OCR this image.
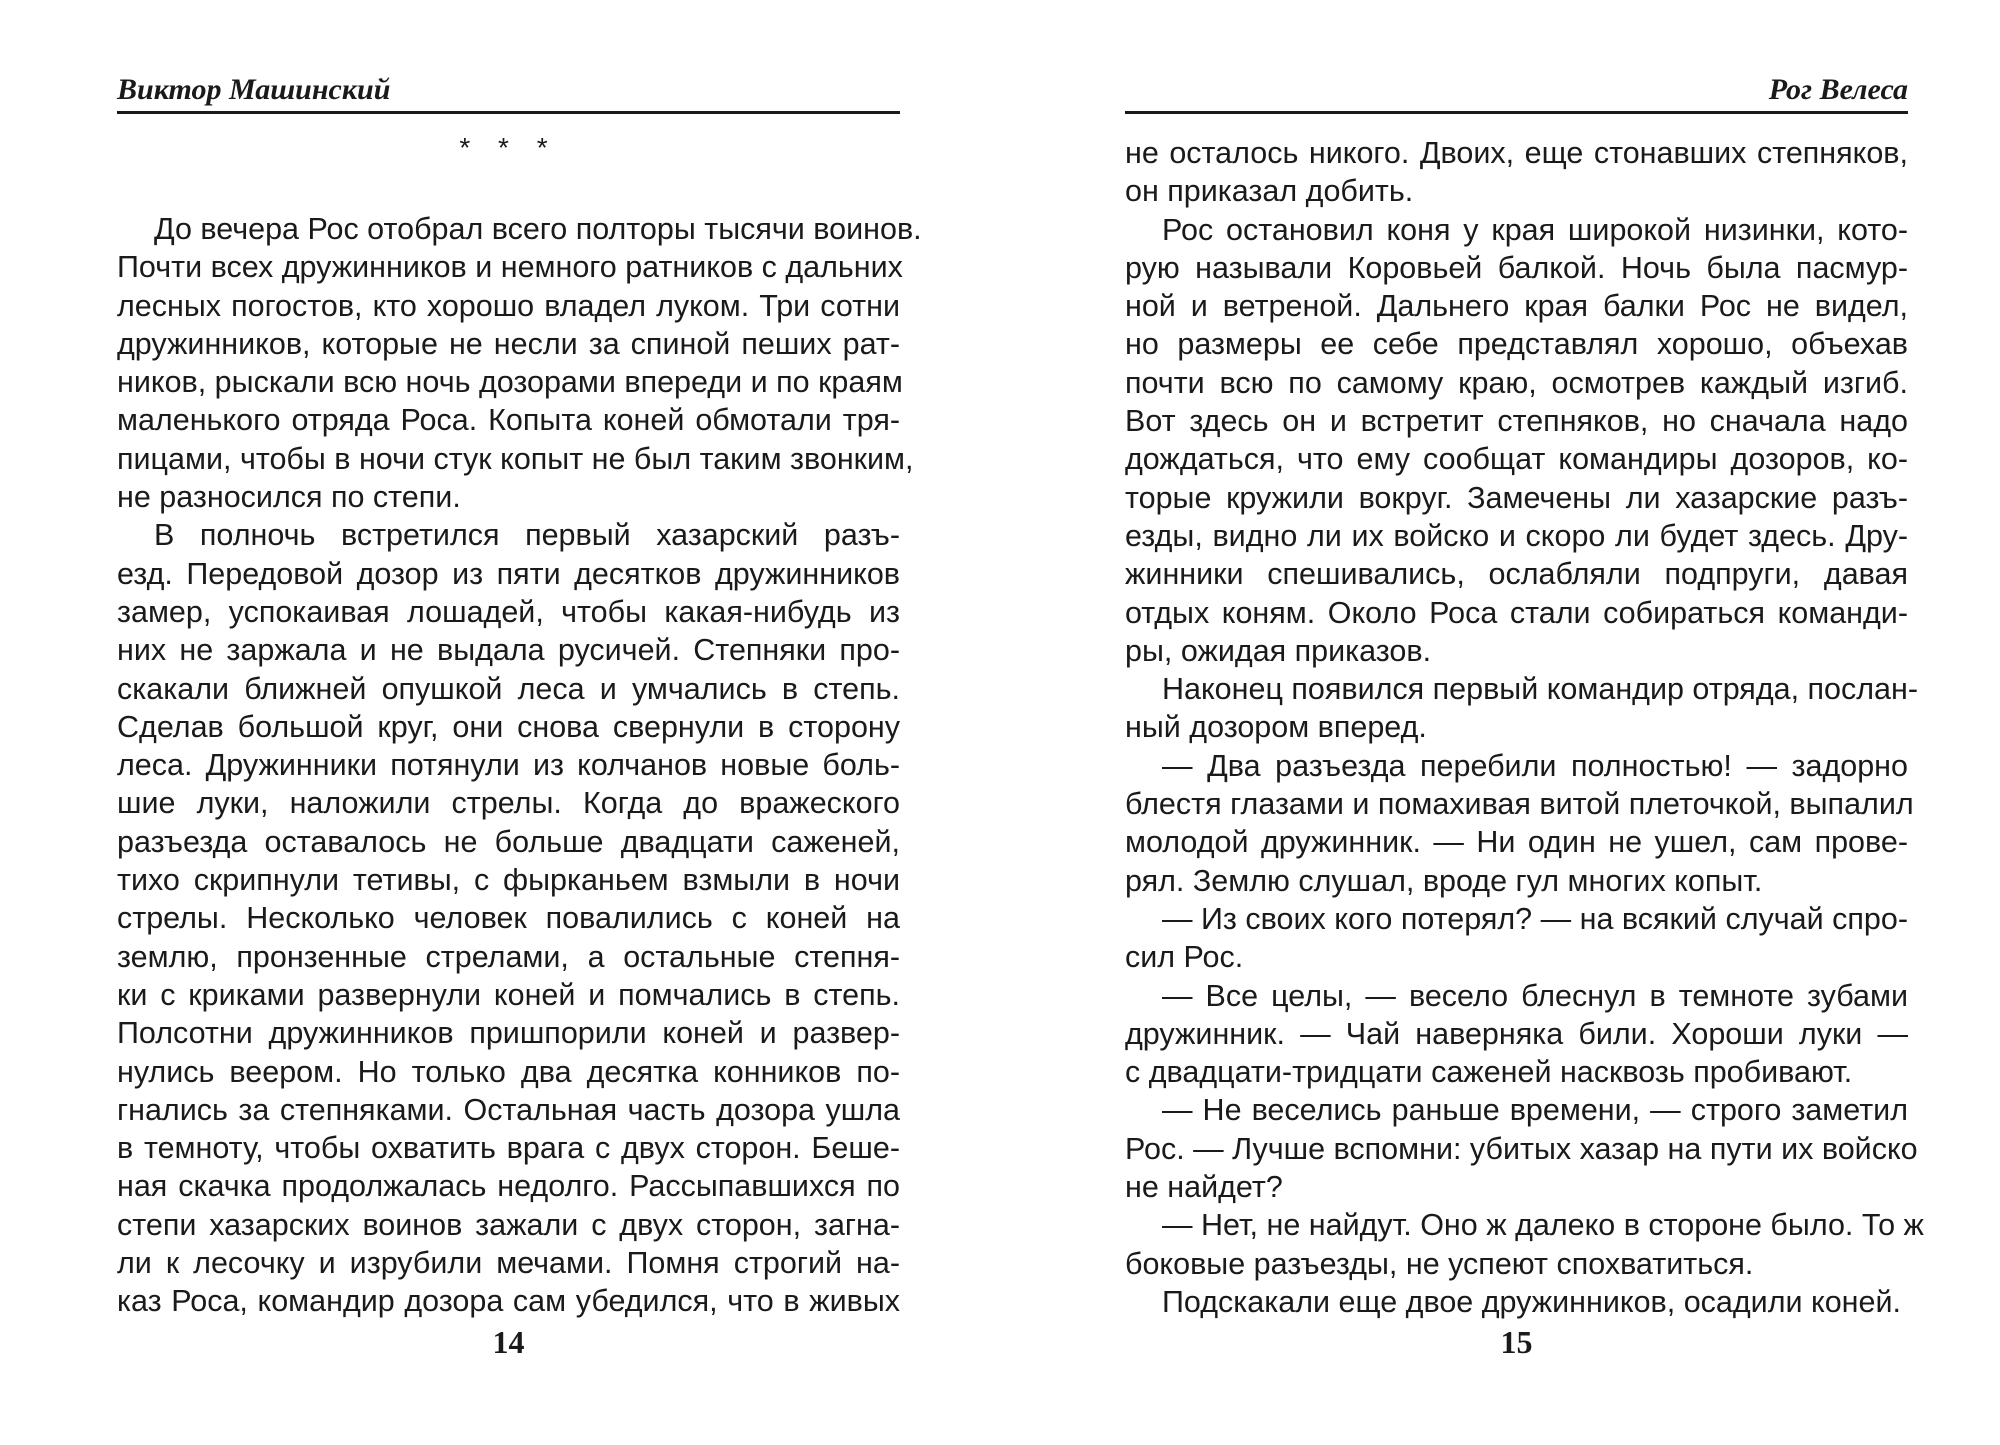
Виктор Машинский
* * *
До вечера Рос отобрал всего полторы тысячи воинов.
Почти всех дружинников и немного ратников с дальних
лесных погостов, кто хорошо владел луком. Три сотни
дружинников, которые не несли за спиной пеших рат-
ников, рыскали всю ночь дозорами впереди и по краям
маленького отряда Роса. Копыта коней обмотали тря-
пицами, чтобы в ночи стук копыт не был таким звонким,
не разносился по степи.
В полночь встретился первый хазарский разъ-
езд. Передовой дозор из пяти десятков дружинников
замер, успокаивая лошадей, чтобы какая-нибудь из
них не заржала и не выдала русичей. Степняки про-
скакали ближней опушкой леса и умчались в степь.
Сделав большой круг, они снова свернули в сторону
леса. Дружинники потянули из колчанов новые боль-
шие луки, наложили стрелы. Когда до вражеского
разъезда оставалось не больше двадцати саженей,
тихо скрипнули тетивы, с фырканьем взмыли в ночи
стрелы. Несколько человек повалились с коней на
землю, пронзенные стрелами, а остальные степня-
ки с криками развернули коней и помчались в степь.
Полсотни дружинников пришпорили коней и развер-
нулись веером. Но только два десятка конников по-
гнались за степняками. Остальная часть дозора ушла
в темноту, чтобы охватить врага с двух сторон. Беше-
ная скачка продолжалась недолго. Рассыпавшихся по
степи хазарских воинов зажали с двух сторон, загна-
ли к лесочку и изрубили мечами. Помня строгий на-
каз Роса, командир дозора сам убедился, что в живых
14
Рог Велеса
не осталось никого. Двоих, еще стонавших степняков,
он приказал добить.
Рос остановил коня у края широкой низинки, кото-
рую называли Коровьей балкой. Ночь была пасмур-
ной и ветреной. Дальнего края балки Рос не видел,
но размеры ее себе представлял хорошо, объехав
почти всю по самому краю, осмотрев каждый изгиб.
Вот здесь он и встретит степняков, но сначала надо
дождаться, что ему сообщат командиры дозоров, ко-
торые кружили вокруг. Замечены ли хазарские разъ-
езды, видно ли их войско и скоро ли будет здесь. Дру-
жинники спешивались, ослабляли подпруги, давая
отдых коням. Около Роса стали собираться команди-
ры, ожидая приказов.
Наконец появился первый командир отряда, послан-
ный дозором вперед.
— Два разъезда перебили полностью! — задорно
блестя глазами и помахивая витой плеточкой, выпалил
молодой дружинник. — Ни один не ушел, сам прове-
рял. Землю слушал, вроде гул многих копыт.
— Из своих кого потерял? — на всякий случай спро-
сил Рос.
— Все целы, — весело блеснул в темноте зубами
дружинник. — Чай наверняка били. Хороши луки —
с двадцати-тридцати саженей насквозь пробивают.
— Не веселись раньше времени, — строго заметил
Рос. — Лучше вспомни: убитых хазар на пути их войско
не найдет?
— Нет, не найдут. Оно ж далеко в стороне было. То ж
боковые разъезды, не успеют спохватиться.
Подскакали еще двое дружинников, осадили коней.
15
